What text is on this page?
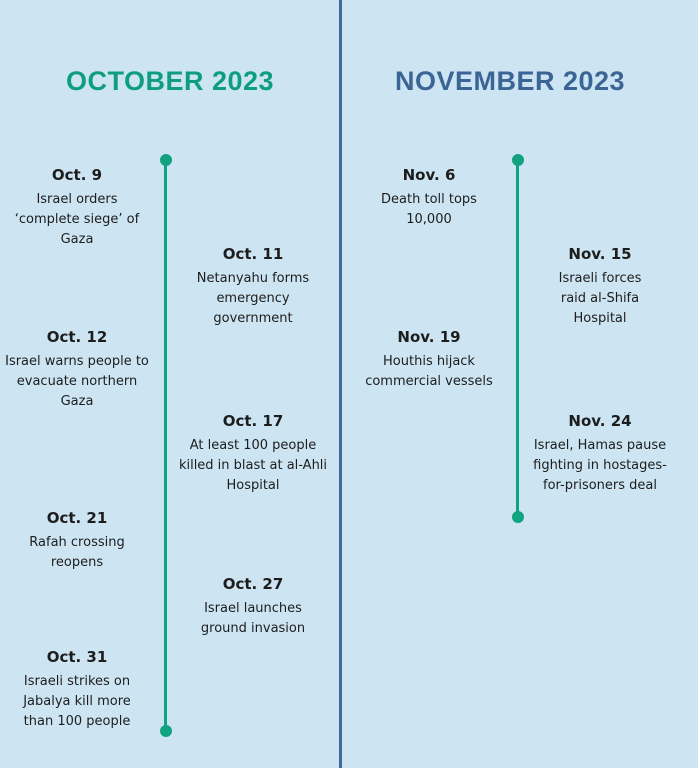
OCTOBER 2023	NOVEMBER 2023
Oct. 9
Israel orders ‘complete siege’ of Gaza
Oct. 11
Netanyahu forms emergency government
Oct. 12
Israel warns people to evacuate northern Gaza
Oct. 17
At least 100 people killed in blast at al-Ahli Hospital
Oct. 21
Rafah crossing reopens
Oct. 27
Israel launches ground invasion
Oct. 31
Israeli strikes on Jabalya kill more than 100 people
Nov. 6
Death toll tops 10,000
Nov. 15
Israeli forces raid al-Shifa Hospital
Nov. 19
Houthis hijack commercial vessels
Nov. 24
Israel, Hamas pause fighting in hostages-for-prisoners deal
